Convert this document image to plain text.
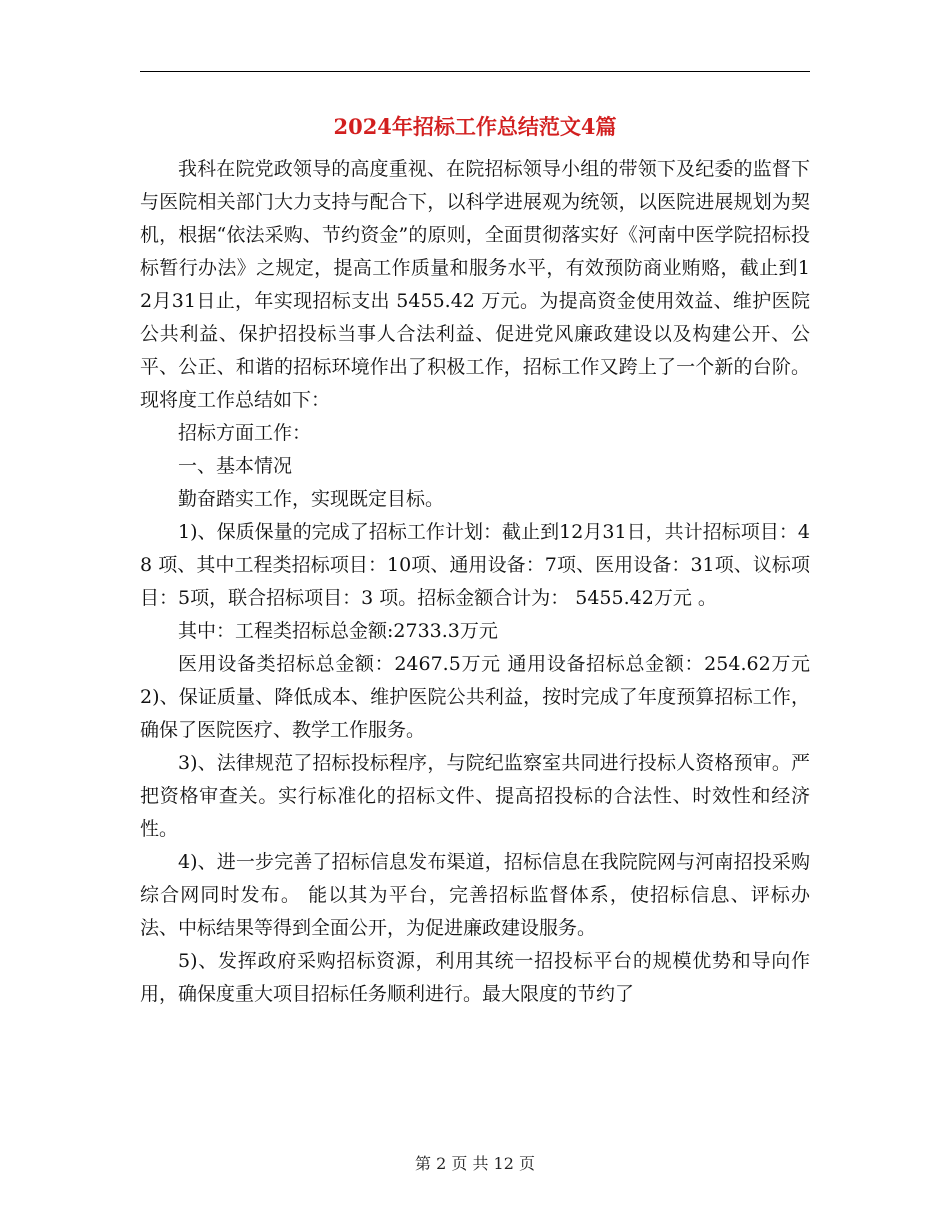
2024年招标工作总结范文4篇

我科在院党政领导的高度重视、在院招标领导小组的带领下及纪委的监督下与医院相关部门大力支持与配合下，以科学进展观为统领，以医院进展规划为契机，根据“依法采购、节约资金”的原则，全面贯彻落实好《河南中医学院招标投标暂行办法》之规定，提高工作质量和服务水平，有效预防商业贿赂，截止到12月31日止，年实现招标支出 5455.42 万元。为提高资金使用效益、维护医院公共利益、保护招投标当事人合法利益、促进党风廉政建设以及构建公开、公平、公正、和谐的招标环境作出了积极工作，招标工作又跨上了一个新的台阶。现将度工作总结如下：

招标方面工作：

一、基本情况

勤奋踏实工作，实现既定目标。

1)、保质保量的完成了招标工作计划：截止到12月31日，共计招标项目：48 项、其中工程类招标项目：10项、通用设备：7项、医用设备：31项、议标项目：5项，联合招标项目：3 项。招标金额合计为： 5455.42万元 。

其中：工程类招标总金额:2733.3万元

医用设备类招标总金额：2467.5万元 通用设备招标总金额：254.62万元 2)、保证质量、降低成本、维护医院公共利益，按时完成了年度预算招标工作，确保了医院医疗、教学工作服务。

3)、法律规范了招标投标程序，与院纪监察室共同进行投标人资格预审。严把资格审查关。实行标准化的招标文件、提高招投标的合法性、时效性和经济性。

4)、进一步完善了招标信息发布渠道，招标信息在我院院网与河南招投采购综合网同时发布。 能以其为平台，完善招标监督体系，使招标信息、评标办法、中标结果等得到全面公开，为促进廉政建设服务。

5)、发挥政府采购招标资源，利用其统一招投标平台的规模优势和导向作用，确保度重大项目招标任务顺利进行。最大限度的节约了

第 2 页 共 12 页
